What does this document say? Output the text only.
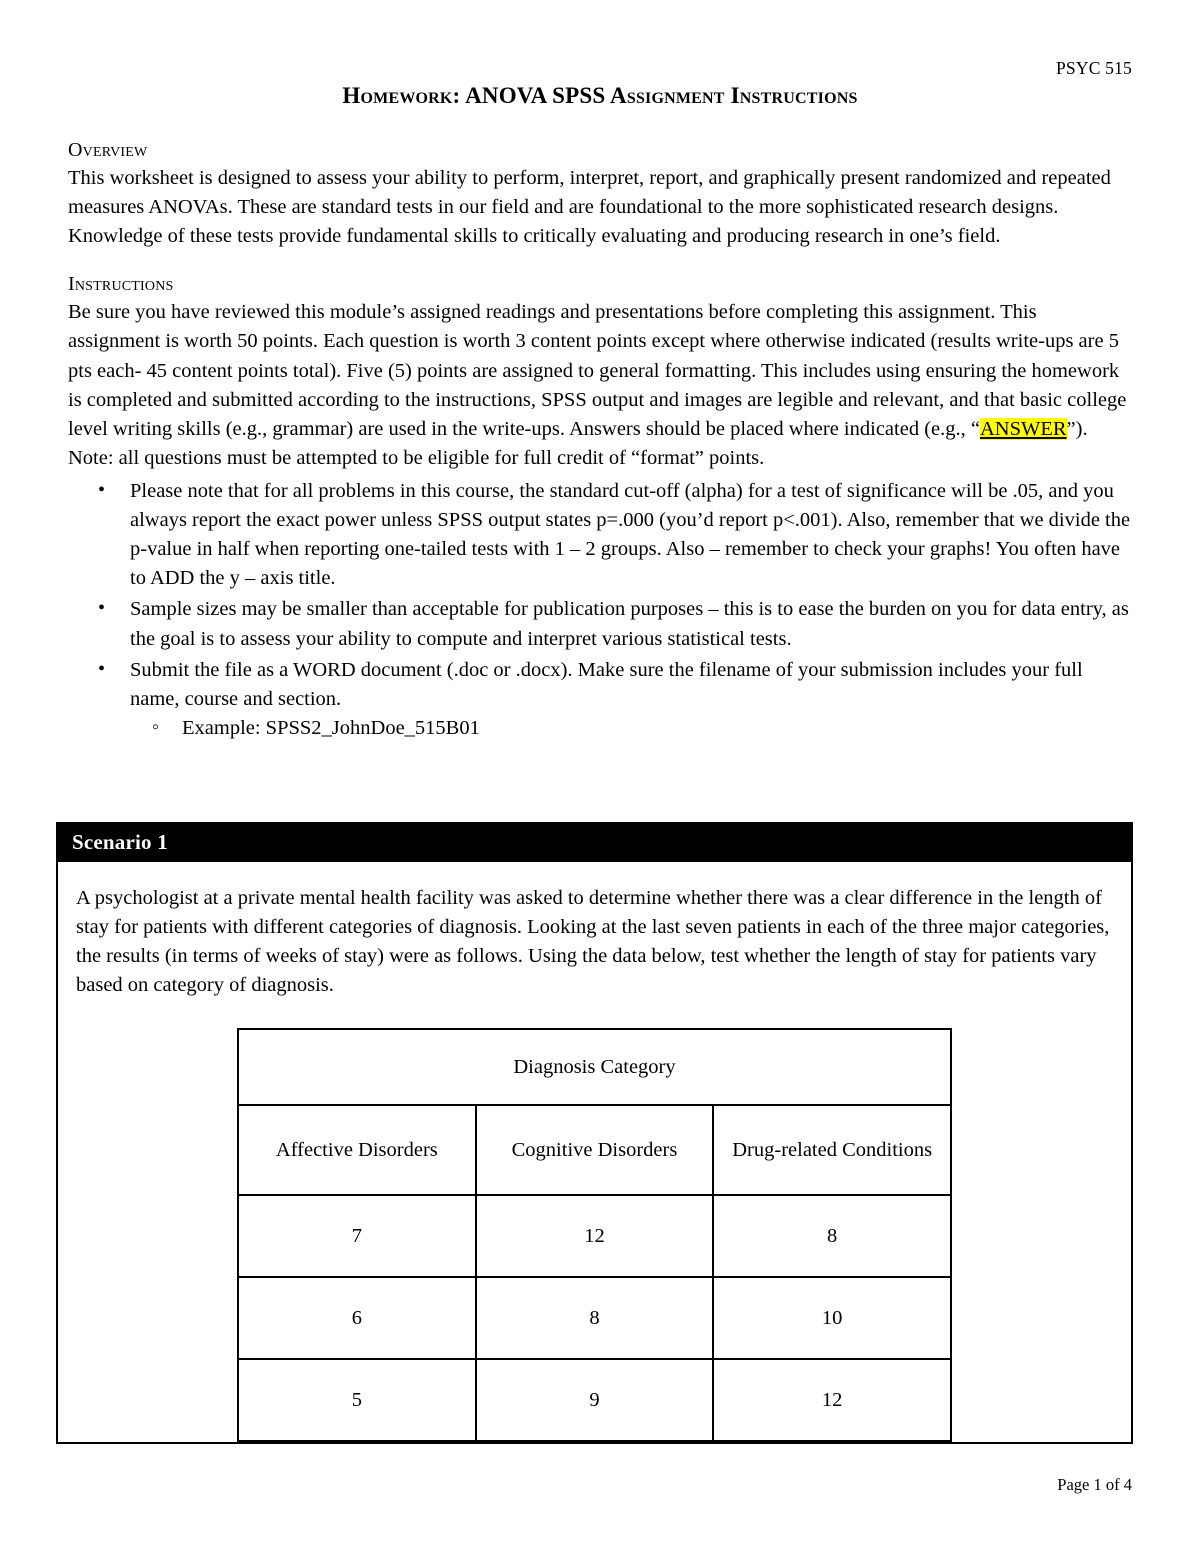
PSYC 515
Homework: ANOVA SPSS Assignment Instructions
Overview

This worksheet is designed to assess your ability to perform, interpret, report, and graphically present randomized and repeated measures ANOVAs. These are standard tests in our field and are foundational to the more sophisticated research designs. Knowledge of these tests provide fundamental skills to critically evaluating and producing research in one’s field.

Instructions

Be sure you have reviewed this module’s assigned readings and presentations before completing this assignment. This assignment is worth 50 points. Each question is worth 3 content points except where otherwise indicated (results write-ups are 5 pts each- 45 content points total). Five (5) points are assigned to general formatting. This includes using ensuring the homework is completed and submitted according to the instructions, SPSS output and images are legible and relevant, and that basic college level writing skills (e.g., grammar) are used in the write-ups. Answers should be placed where indicated (e.g., “ANSWER”). Note: all questions must be attempted to be eligible for full credit of “format” points.

• Please note that for all problems in this course, the standard cut-off (alpha) for a test of significance will be .05, and you always report the exact power unless SPSS output states p=.000 (you’d report p<.001). Also, remember that we divide the p-value in half when reporting one-tailed tests with 1 – 2 groups. Also – remember to check your graphs! You often have to ADD the y – axis title.
• Sample sizes may be smaller than acceptable for publication purposes – this is to ease the burden on you for data entry, as the goal is to assess your ability to compute and interpret various statistical tests.
• Submit the file as a WORD document (.doc or .docx). Make sure the filename of your submission includes your full name, course and section.
◦ Example: SPSS2_JohnDoe_515B01
Scenario 1

A psychologist at a private mental health facility was asked to determine whether there was a clear difference in the length of stay for patients with different categories of diagnosis. Looking at the last seven patients in each of the three major categories, the results (in terms of weeks of stay) were as follows. Using the data below, test whether the length of stay for patients vary based on category of diagnosis.

Diagnosis Category		
Affective Disorders	Cognitive Disorders	Drug-related Conditions
7	12	8
6	8	10
5	9	12
Page 1 of 4
